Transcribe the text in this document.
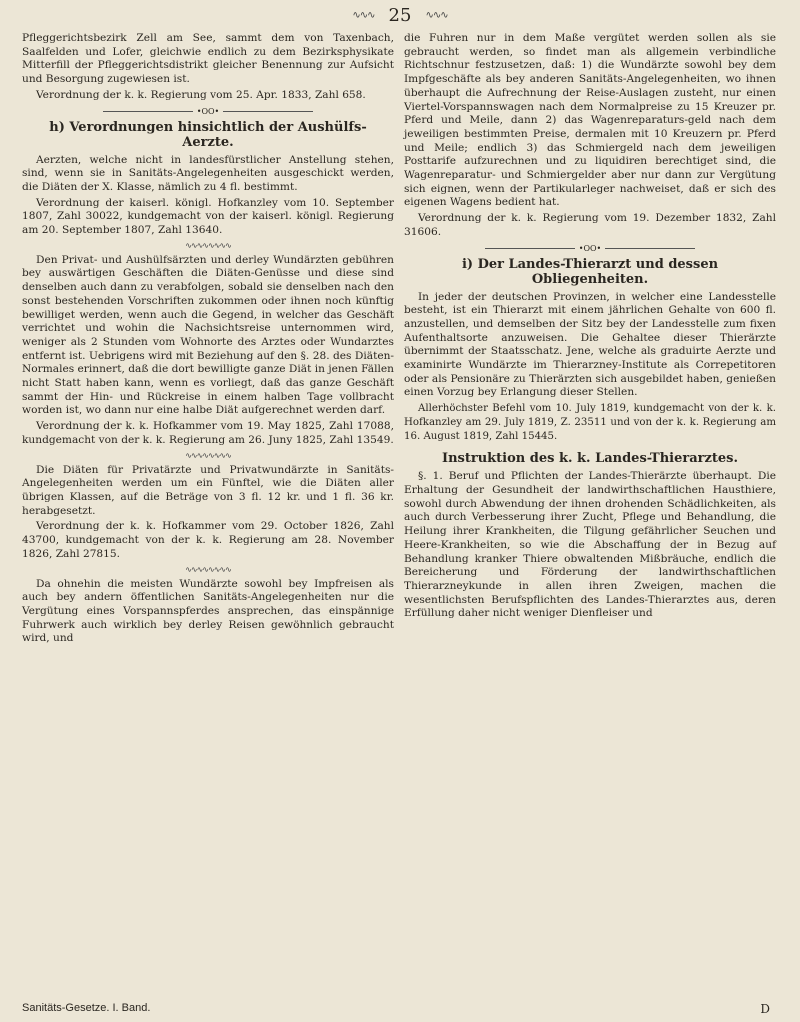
∿∿∿ 25 ∿∿∿

Pfleggerichtsbezirk Zell am See, sammt dem von Taxenbach, Saalfelden und Lofer, gleichwie endlich zu dem Bezirksphysikate Mitterfill der Pfleggerichtsdistrikt gleicher Benennung zur Aufsicht und Besorgung zugewiesen ist.

Verordnung der k. k. Regierung vom 25. Apr. 1833, Zahl 658.

•OO•
h) Verordnungen hinsichtlich der Aushülfs-
Aerzte.

Aerzten, welche nicht in landesfürstlicher Anstellung stehen, sind, wenn sie in Sanitäts-Angelegenheiten ausgeschickt werden, die Diäten der X. Klasse, nämlich zu 4 fl. bestimmt.

Verordnung der kaiserl. königl. Hofkanzley vom 10. September 1807, Zahl 30022, kundgemacht von der kaiserl. königl. Regierung am 20. September 1807, Zahl 13640.

∿∿∿∿∿∿∿∿

Den Privat- und Aushülfsärzten und derley Wundärzten gebühren bey auswärtigen Geschäften die Diäten-Genüsse und diese sind denselben auch dann zu verabfolgen, sobald sie denselben nach den sonst bestehenden Vorschriften zukommen oder ihnen noch künftig bewilliget werden, wenn auch die Gegend, in welcher das Geschäft verrichtet und wohin die Nachsichtsreise unternommen wird, weniger als 2 Stunden vom Wohnorte des Arztes oder Wundarztes entfernt ist. Uebrigens wird mit Beziehung auf den §. 28. des Diäten-Normales erinnert, daß die dort bewilligte ganze Diät in jenen Fällen nicht Statt haben kann, wenn es vorliegt, daß das ganze Geschäft sammt der Hin- und Rückreise in einem halben Tage vollbracht worden ist, wo dann nur eine halbe Diät aufgerechnet werden darf.

Verordnung der k. k. Hofkammer vom 19. May 1825, Zahl 17088, kundgemacht von der k. k. Regierung am 26. Juny 1825, Zahl 13549.

∿∿∿∿∿∿∿∿

Die Diäten für Privatärzte und Privatwundärzte in Sanitäts-Angelegenheiten werden um ein Fünftel, wie die Diäten aller übrigen Klassen, auf die Beträge von 3 fl. 12 kr. und 1 fl. 36 kr. herabgesetzt.

Verordnung der k. k. Hofkammer vom 29. October 1826, Zahl 43700, kundgemacht von der k. k. Regierung am 28. November 1826, Zahl 27815.

∿∿∿∿∿∿∿∿

Da ohnehin die meisten Wundärzte sowohl bey Impfreisen als auch bey andern öffentlichen Sanitäts-Angelegenheiten nur die Vergütung eines Vorspannspferdes ansprechen, das einspännige Fuhrwerk auch wirklich bey derley Reisen gewöhnlich gebraucht wird, und

die Fuhren nur in dem Maße vergütet werden sollen als sie gebraucht werden, so findet man als allgemein verbindliche Richtschnur festzusetzen, daß: 1) die Wundärzte sowohl bey dem Impfgeschäfte als bey anderen Sanitäts-Angelegenheiten, wo ihnen überhaupt die Aufrechnung der Reise-Auslagen zusteht, nur einen Viertel-Vorspannswagen nach dem Normalpreise zu 15 Kreuzer pr. Pferd und Meile, dann 2) das Wagenreparaturs-geld nach dem jeweiligen bestimmten Preise, dermalen mit 10 Kreuzern pr. Pferd und Meile; endlich 3) das Schmiergeld nach dem jeweiligen Posttarife aufzurechnen und zu liquidiren berechtiget sind, die Wagenreparatur- und Schmiergelder aber nur dann zur Vergütung sich eignen, wenn der Partikularleger nachweiset, daß er sich des eigenen Wagens bedient hat.

Verordnung der k. k. Regierung vom 19. Dezember 1832, Zahl 31606.

•OO•
i) Der Landes-Thierarzt und dessen
Obliegenheiten.

In jeder der deutschen Provinzen, in welcher eine Landesstelle besteht, ist ein Thierarzt mit einem jährlichen Gehalte von 600 fl. anzustellen, und demselben der Sitz bey der Landesstelle zum fixen Aufenthaltsorte anzuweisen. Die Gehaltee dieser Thierärzte übernimmt der Staatsschatz. Jene, welche als graduirte Aerzte und examinirte Wundärzte im Thierarzney-Institute als Correpetitoren oder als Pensionäre zu Thierärzten sich ausgebildet haben, genießen einen Vorzug bey Erlangung dieser Stellen.

Allerhöchster Befehl vom 10. July 1819, kundgemacht von der k. k. Hofkanzley am 29. July 1819, Z. 23511 und von der k. k. Regierung am 16. August 1819, Zahl 15445.

Instruktion des k. k. Landes-Thierarztes.

§. 1. Beruf und Pflichten der Landes-Thierärzte überhaupt. Die Erhaltung der Gesundheit der landwirthschaftlichen Hausthiere, sowohl durch Abwendung der ihnen drohenden Schädlichkeiten, als auch durch Verbesserung ihrer Zucht, Pflege und Behandlung, die Heilung ihrer Krankheiten, die Tilgung gefährlicher Seuchen und Heere-Krankheiten, so wie die Abschaffung der in Bezug auf Behandlung kranker Thiere obwaltenden Mißbräuche, endlich die Bereicherung und Förderung der landwirthschaftlichen Thierarzneykunde in allen ihren Zweigen, machen die wesentlichsten Berufspflichten des Landes-Thierarztes aus, deren Erfüllung daher nicht weniger Dienfleiser und

Sanitäts-Gesetze. I. Band.	D
